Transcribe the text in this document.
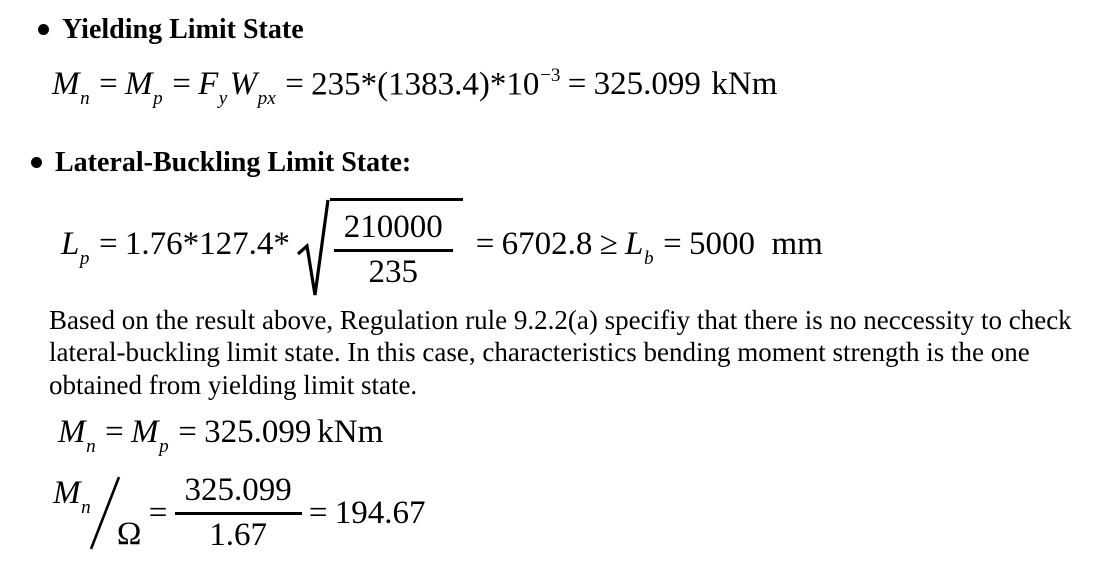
Yielding Limit State
$M_n = M_p = F_yW_{px} = 235*(1383.4)*10^{-3} = 325.099$ kNm
Lateral-Buckling Limit State:
$L_p = 1.76*127.4* \frac{210000}{235} = 6702.8 \ge L_b = 5000$ mm
Based on the result above, Regulation rule 9.2.2(a) specifiy that there is no neccessity to check
lateral-buckling limit state. In this case, characteristics bending moment strength is the one
obtained from yielding limit state.
$M_n = M_p = 325.099$ kNm
$M_n$
Ω
= $\frac{325.099}{1.67} = 194.67$
